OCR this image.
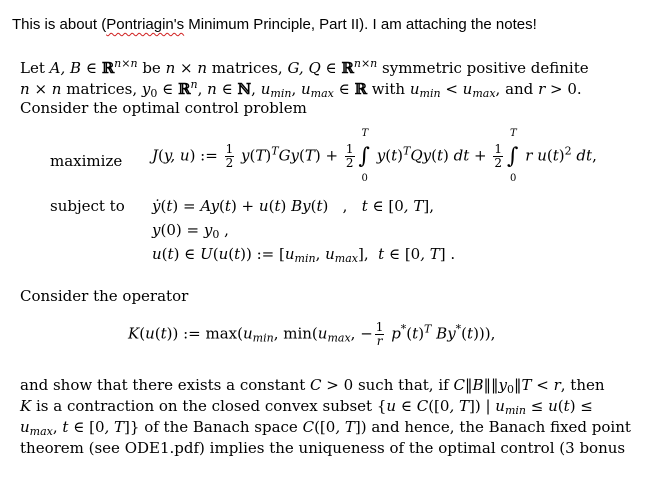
This is about (Pontriagin's Minimum Principle, Part II). I am attaching the notes!
Let A, B ∈ ℝ$^{n\times n}$ be n × n matrices, G, Q ∈ ℝ$^{n\times n}$ symmetric positive definite
n × n matrices, $y_0$ ∈ ℝ$^n$, n ∈ ℕ, $u_{min}$, $u_{max}$ ∈ ℝ with $u_{min} < u_{max}$, and r > 0.
Consider the optimal control problem
maximize J(y, u) := $\frac{1}{2} y(T)^TGy(T) + \frac{1}{2}$ ∫
T
0
$y(t)^TQy(t)$ dt + $\frac{1}{2}$ ∫
T
0
r $u(t)^2$ dt,
subject to ẏ(t) = Ay(t) + u(t) By(t)   ,   t ∈ [0, T],
$y(0) = y_0$ ,
u(t) ∈ U(u(t)) := [$u_{min}$, $u_{max}$],  t ∈ [0, T] .
Consider the operator
K(u(t)) := $\max(u_{min}$, $\min(u_{max}$, − $\frac{1}{r} p^*(t)^T$ By*(t))),
and show that there exists a constant C > 0 such that, if $C‖B‖‖y_0‖T < r$, then
K is a contraction on the closed convex subset {u ∈ C([0, T]) | $u_{min} \le u(t)$ ≤
$u_{max}$, t ∈ [0, T]} of the Banach space C([0, T]) and hence, the Banach fixed point
theorem (see ODE1.pdf) implies the uniqueness of the optimal control (3 bonus
